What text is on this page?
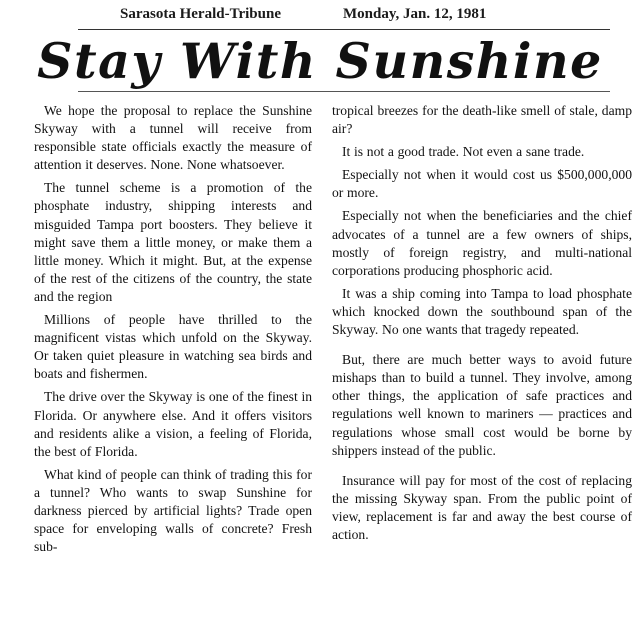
Sarasota Herald-Tribune	Monday, Jan. 12, 1981
Stay With Sunshine

We hope the proposal to replace the Sunshine Skyway with a tunnel will receive from responsible state officials exactly the measure of attention it deserves. None. None whatsoever.

The tunnel scheme is a promotion of the phosphate industry, shipping interests and misguided Tampa port boosters. They believe it might save them a little money, or make them a little money. Which it might. But, at the expense of the rest of the citizens of the country, the state and the region

Millions of people have thrilled to the magnificent vistas which unfold on the Skyway. Or taken quiet pleasure in watching sea birds and boats and fishermen.

The drive over the Skyway is one of the finest in Florida. Or anywhere else. And it offers visitors and residents alike a vision, a feeling of Florida, the best of Florida.

What kind of people can think of trading this for a tunnel? Who wants to swap Sunshine for darkness pierced by artificial lights? Trade open space for enveloping walls of concrete? Fresh sub-

tropical breezes for the death-like smell of stale, damp air?

It is not a good trade. Not even a sane trade.

Especially not when it would cost us $500,000,000 or more.

Especially not when the beneficiaries and the chief advocates of a tunnel are a few owners of ships, mostly of foreign registry, and multi-national corporations producing phosphoric acid.

It was a ship coming into Tampa to load phosphate which knocked down the southbound span of the Skyway. No one wants that tragedy repeated.

But, there are much better ways to avoid future mishaps than to build a tunnel. They involve, among other things, the application of safe practices and regulations well known to mariners — practices and regulations whose small cost would be borne by shippers instead of the public.

Insurance will pay for most of the cost of replacing the missing Skyway span. From the public point of view, replacement is far and away the best course of action.
